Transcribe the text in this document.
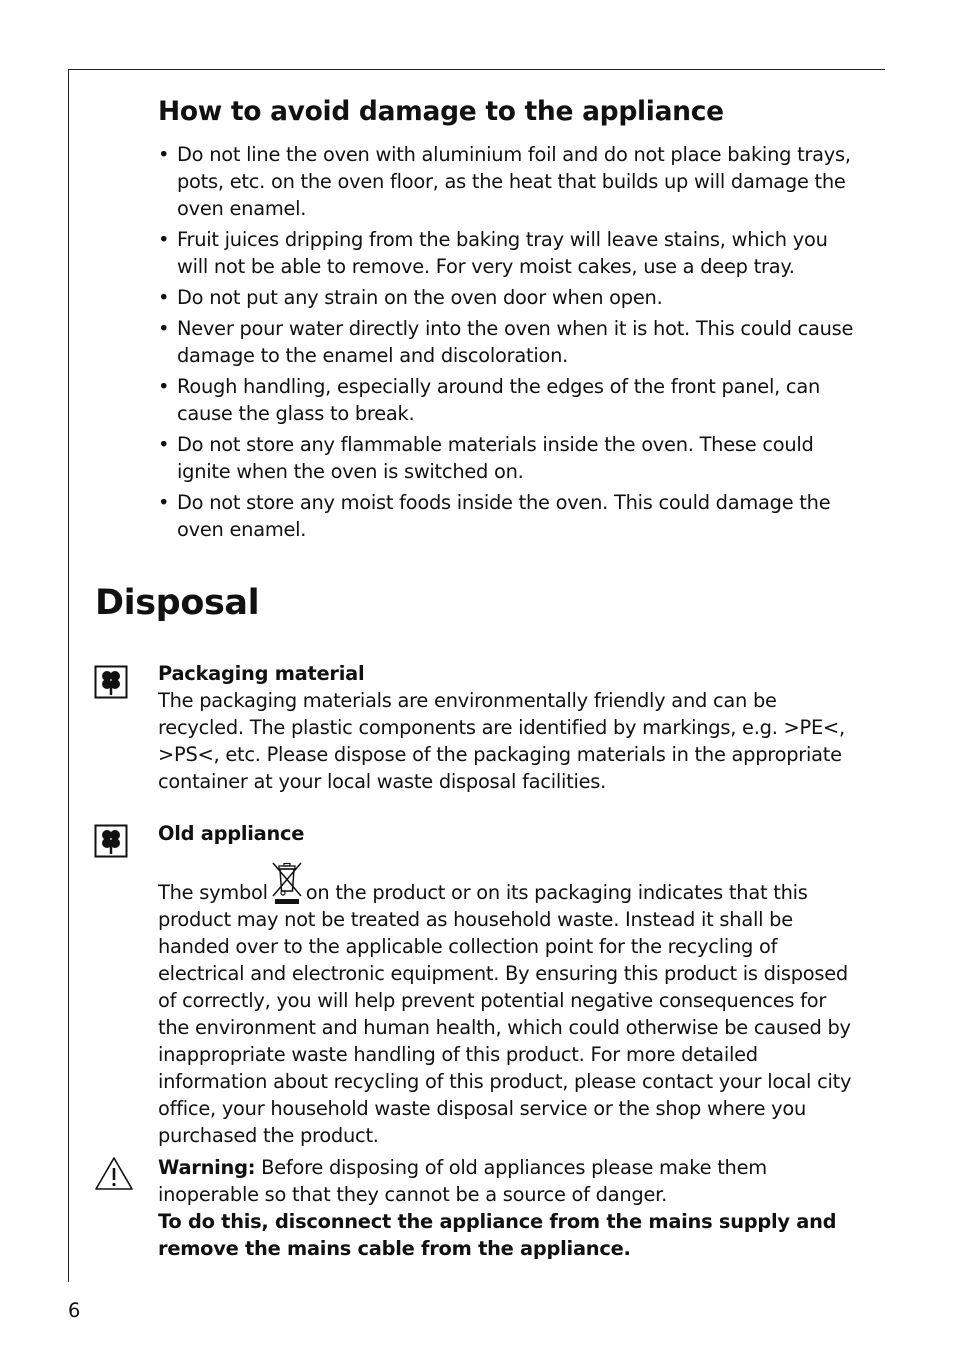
How to avoid damage to the appliance
• Do not line the oven with aluminium foil and do not place baking trays, pots, etc. on the oven floor, as the heat that builds up will damage the oven enamel.
• Fruit juices dripping from the baking tray will leave stains, which you will not be able to remove. For very moist cakes, use a deep tray.
• Do not put any strain on the oven door when open.
• Never pour water directly into the oven when it is hot. This could cause damage to the enamel and discoloration.
• Rough handling, especially around the edges of the front panel, can cause the glass to break.
• Do not store any flammable materials inside the oven. These could ignite when the oven is switched on.
• Do not store any moist foods inside the oven. This could damage the oven enamel.
Disposal
Packaging material

The packaging materials are environmentally friendly and can be recycled. The plastic components are identified by markings, e.g. >PE<, >PS<, etc. Please dispose of the packaging materials in the appropriate container at your local waste disposal facilities.

Old appliance

The symbol on the product or on its packaging indicates that this product may not be treated as household waste. Instead it shall be handed over to the applicable collection point for the recycling of electrical and electronic equipment. By ensuring this product is disposed of correctly, you will help prevent potential negative consequences for the environment and human health, which could otherwise be caused by inappropriate waste handling of this product. For more detailed information about recycling of this product, please contact your local city office, your household waste disposal service or the shop where you purchased the product.

Warning: Before disposing of old appliances please make them inoperable so that they cannot be a source of danger.

To do this, disconnect the appliance from the mains supply and remove the mains cable from the appliance.

6
